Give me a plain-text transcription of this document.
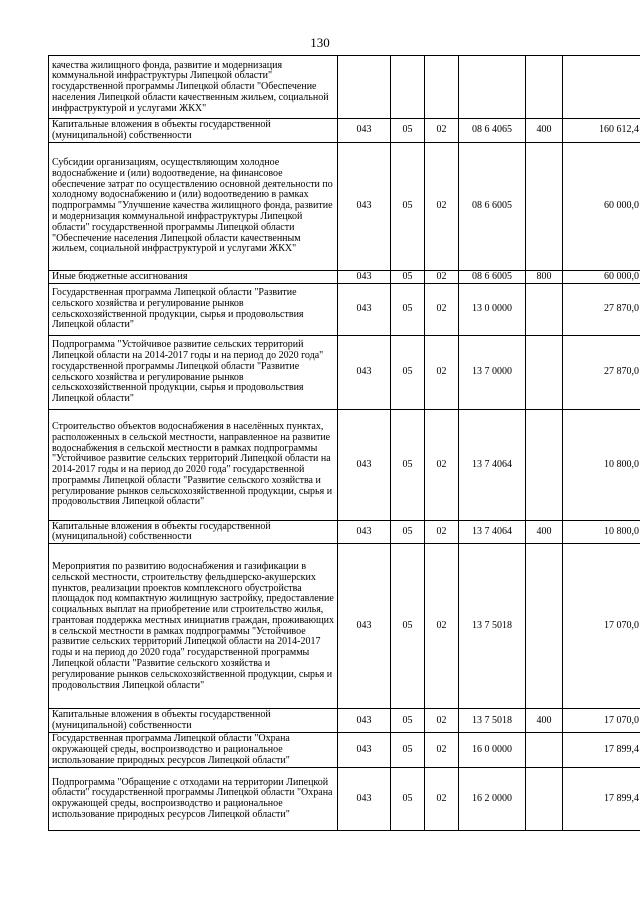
130
качества жилищного фонда, развитие и модернизация коммунальной инфраструктуры Липецкой области" государственной программы Липецкой области "Обеспечение населения Липецкой области качественным жильем, социальной инфраструктурой и услугами ЖКХ"						
Капитальные вложения в объекты государственной (муниципальной) собственности	043	05	02	08 6 4065	400	160 612,4
Субсидии организациям, осуществляющим холодное водоснабжение и (или) водоотведение, на финансовое обеспечение затрат по осуществлению основной деятельности по холодному водоснабжению и (или) водоотведению в рамках подпрограммы "Улучшение качества жилищного фонда, развитие и модернизация коммунальной инфраструктуры Липецкой области" государственной программы Липецкой области "Обеспечение населения Липецкой области качественным жильем, социальной инфраструктурой и услугами ЖКХ"	043	05	02	08 6 6005		60 000,0
Иные бюджетные ассигнования	043	05	02	08 6 6005	800	60 000,0
Государственная программа Липецкой области "Развитие сельского хозяйства и регулирование рынков сельскохозяйственной продукции, сырья и продовольствия Липецкой области"	043	05	02	13 0 0000		27 870,0
Подпрограмма "Устойчивое развитие сельских территорий Липецкой области на 2014-2017 годы и на период до 2020 года" государственной программы Липецкой области "Развитие сельского хозяйства и регулирование рынков сельскохозяйственной продукции, сырья и продовольствия Липецкой области"	043	05	02	13 7 0000		27 870,0
Строительство объектов водоснабжения в населённых пунктах, расположенных в сельской местности, направленное на развитие водоснабжения в сельской местности в рамках подпрограммы "Устойчивое развитие сельских территорий Липецкой области на 2014-2017 годы и на период до 2020 года" государственной программы Липецкой области "Развитие сельского хозяйства и регулирование рынков сельскохозяйственной продукции, сырья и продовольствия Липецкой области"	043	05	02	13 7 4064		10 800,0
Капитальные вложения в объекты государственной (муниципальной) собственности	043	05	02	13 7 4064	400	10 800,0
Мероприятия по развитию водоснабжения и газификации в сельской местности, строительству фельдшерско-акушерских пунктов, реализации проектов комплексного обустройства площадок под компактную жилищную застройку, предоставление социальных выплат на приобретение или строительство жилья, грантовая поддержка местных инициатив граждан, проживающих в сельской местности в рамках подпрограммы "Устойчивое развитие сельских территорий Липецкой области на 2014-2017 годы и на период до 2020 года" государственной программы Липецкой области "Развитие сельского хозяйства и регулирование рынков сельскохозяйственной продукции, сырья и продовольствия Липецкой области"	043	05	02	13 7 5018		17 070,0
Капитальные вложения в объекты государственной (муниципальной) собственности	043	05	02	13 7 5018	400	17 070,0
Государственная программа Липецкой области "Охрана окружающей среды, воспроизводство и рациональное использование природных ресурсов Липецкой области"	043	05	02	16 0 0000		17 899,4
Подпрограмма "Обращение с отходами на территории Липецкой области" государственной программы Липецкой области "Охрана окружающей среды, воспроизводство и рациональное использование природных ресурсов Липецкой области"	043	05	02	16 2 0000		17 899,4
